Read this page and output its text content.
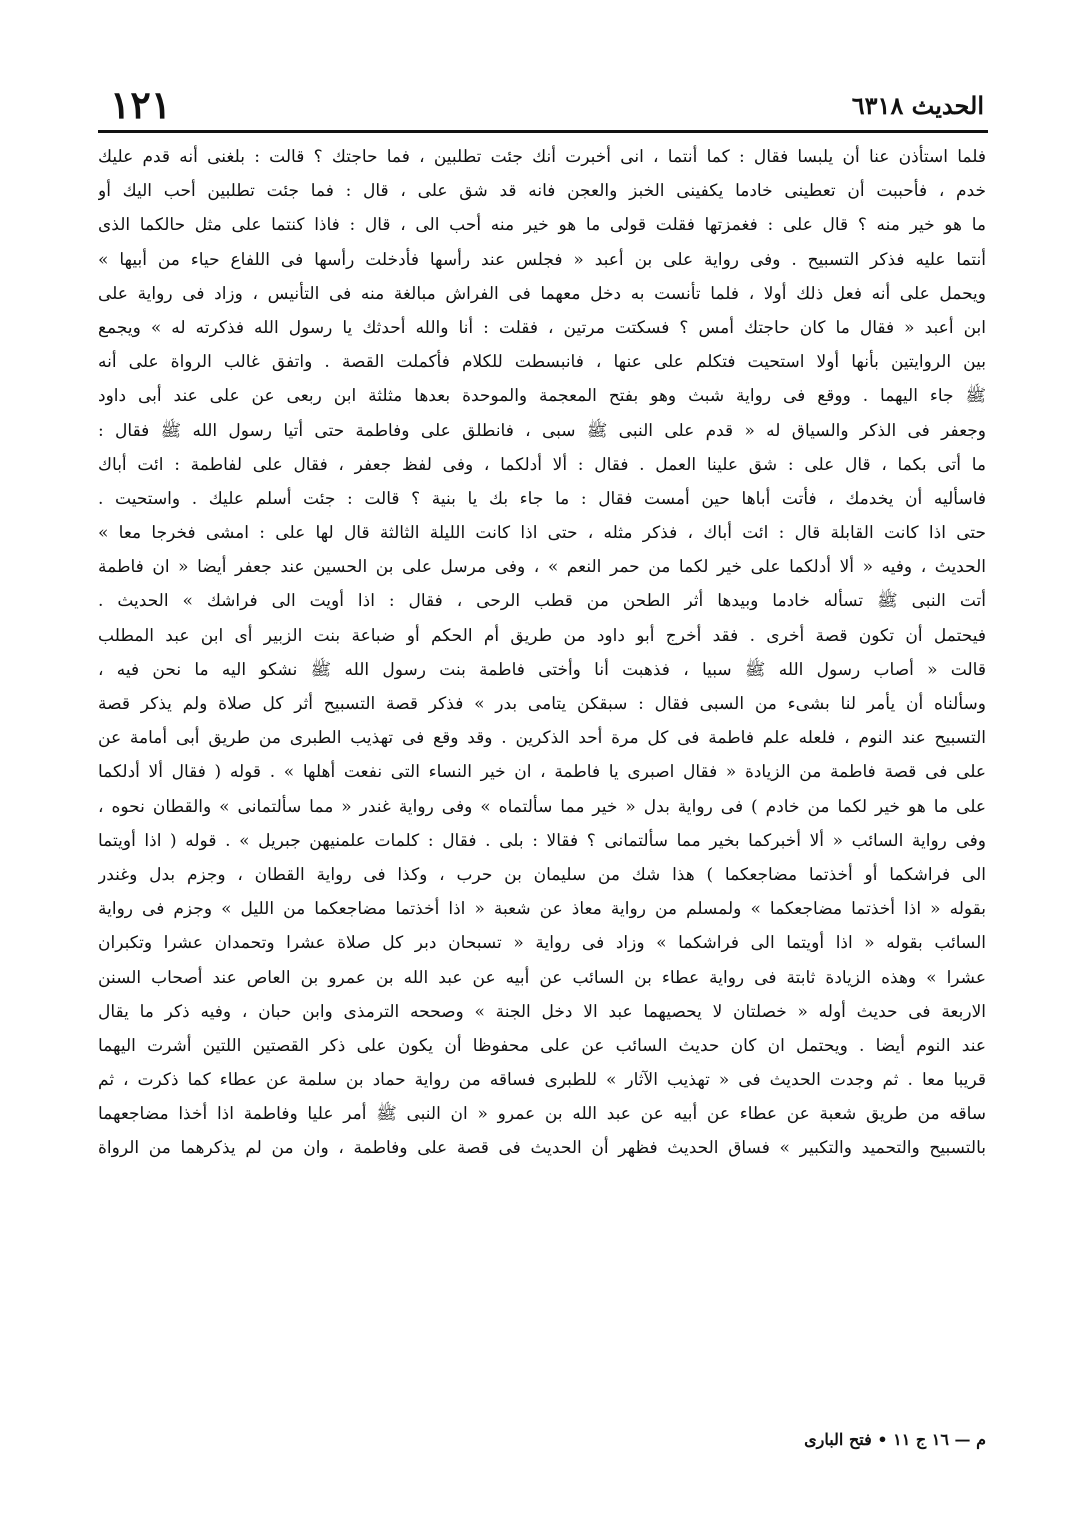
الحديث ٦٣١٨
١٢١
فلما استأذن عنا أن يلبسا فقال : كما أنتما ، انى أخبرت أنك جئت تطلبين ، فما حاجتك ؟ قالت : بلغنى أنه قدم عليك
خدم ، فأحببت أن تعطينى خادما يكفينى الخبز والعجن فانه قد شق على ، قال : فما جئت تطلبين أحب اليك أو
ما هو خير منه ؟ قال على : فغمزتها فقلت قولى ما هو خير منه أحب الى ، قال : فاذا كنتما على مثل حالكما الذى
أنتما عليه فذكر التسبيح . وفى رواية على بن أعبد « فجلس عند رأسها فأدخلت رأسها فى اللفاع حياء من أبيها »
ويحمل على أنه فعل ذلك أولا ، فلما تأنست به دخل معهما فى الفراش مبالغة منه فى التأنيس ، وزاد فى رواية على
ابن أعبد « فقال ما كان حاجتك أمس ؟ فسكتت مرتين ، فقلت : أنا والله أحدثك يا رسول الله فذكرته له » ويجمع
بين الروايتين بأنها أولا استحيت فتكلم على عنها ، فانبسطت للكلام فأكملت القصة . واتفق غالب الرواة على أنه
ﷺ جاء اليهما . ووقع فى رواية شبث وهو بفتح المعجمة والموحدة بعدها مثلثة ابن ربعى عن على عند أبى داود
وجعفر فى الذكر والسياق له « قدم على النبى ﷺ سبى ، فانطلق على وفاطمة حتى أتيا رسول الله ﷺ فقال :
ما أتى بكما ، قال على : شق علينا العمل . فقال : ألا أدلكما ، وفى لفظ جعفر ، فقال على لفاطمة : ائت أباك
فاسأليه أن يخدمك ، فأتت أباها حين أمست فقال : ما جاء بك يا بنية ؟ قالت : جئت أسلم عليك . واستحيت .
حتى اذا كانت القابلة قال : ائت أباك ، فذكر مثله ، حتى اذا كانت الليلة الثالثة قال لها على : امشى فخرجا معا »
الحديث ، وفيه « ألا أدلكما على خير لكما من حمر النعم » ، وفى مرسل على بن الحسين عند جعفر أيضا « ان فاطمة
أتت النبى ﷺ تسأله خادما وبيدها أثر الطحن من قطب الرحى ، فقال : اذا أويت الى فراشك » الحديث .
فيحتمل أن تكون قصة أخرى . فقد أخرج أبو داود من طريق أم الحكم أو ضباعة بنت الزبير أى ابن عبد المطلب
قالت « أصاب رسول الله ﷺ سبيا ، فذهبت أنا وأختى فاطمة بنت رسول الله ﷺ نشكو اليه ما نحن فيه ،
وسألناه أن يأمر لنا بشىء من السبى فقال : سبقكن يتامى بدر » فذكر قصة التسبيح أثر كل صلاة ولم يذكر قصة
التسبيح عند النوم ، فلعله علم فاطمة فى كل مرة أحد الذكرين . وقد وقع فى تهذيب الطبرى من طريق أبى أمامة عن
على فى قصة فاطمة من الزيادة « فقال اصبرى يا فاطمة ، ان خير النساء التى نفعت أهلها » . قوله ( فقال ألا أدلكما
على ما هو خير لكما من خادم ) فى رواية بدل « خير مما سألتماه » وفى رواية غندر « مما سألتمانى » والقطان نحوه ،
وفى رواية السائب « ألا أخبركما بخير مما سألتمانى ؟ فقالا : بلى . فقال : كلمات علمنيهن جبريل » . قوله ( اذا أويتما
الى فراشكما أو أخذتما مضاجعكما ) هذا شك من سليمان بن حرب ، وكذا فى رواية القطان ، وجزم بدل وغندر
بقوله « اذا أخذتما مضاجعكما » ولمسلم من رواية معاذ عن شعبة « اذا أخذتما مضاجعكما من الليل » وجزم فى رواية
السائب بقوله « اذا أويتما الى فراشكما » وزاد فى رواية « تسبحان دبر كل صلاة عشرا وتحمدان عشرا وتكبران
عشرا » وهذه الزيادة ثابتة فى رواية عطاء بن السائب عن أبيه عن عبد الله بن عمرو بن العاص عند أصحاب السنن
الاربعة فى حديث أوله « خصلتان لا يحصيهما عبد الا دخل الجنة » وصححه الترمذى وابن حبان ، وفيه ذكر ما يقال
عند النوم أيضا . ويحتمل ان كان حديث السائب عن على محفوظا أن يكون على ذكر القصتين اللتين أشرت اليهما
قريبا معا . ثم وجدت الحديث فى « تهذيب الآثار » للطبرى فساقه من رواية حماد بن سلمة عن عطاء كما ذكرت ، ثم
ساقه من طريق شعبة عن عطاء عن أبيه عن عبد الله بن عمرو « ان النبى ﷺ أمر عليا وفاطمة اذا أخذا مضاجعهما
بالتسبيح والتحميد والتكبير » فساق الحديث فظهر أن الحديث فى قصة على وفاطمة ، وان من لم يذكرهما من الرواة
م — ١٦ ج ١١ • فتح البارى
